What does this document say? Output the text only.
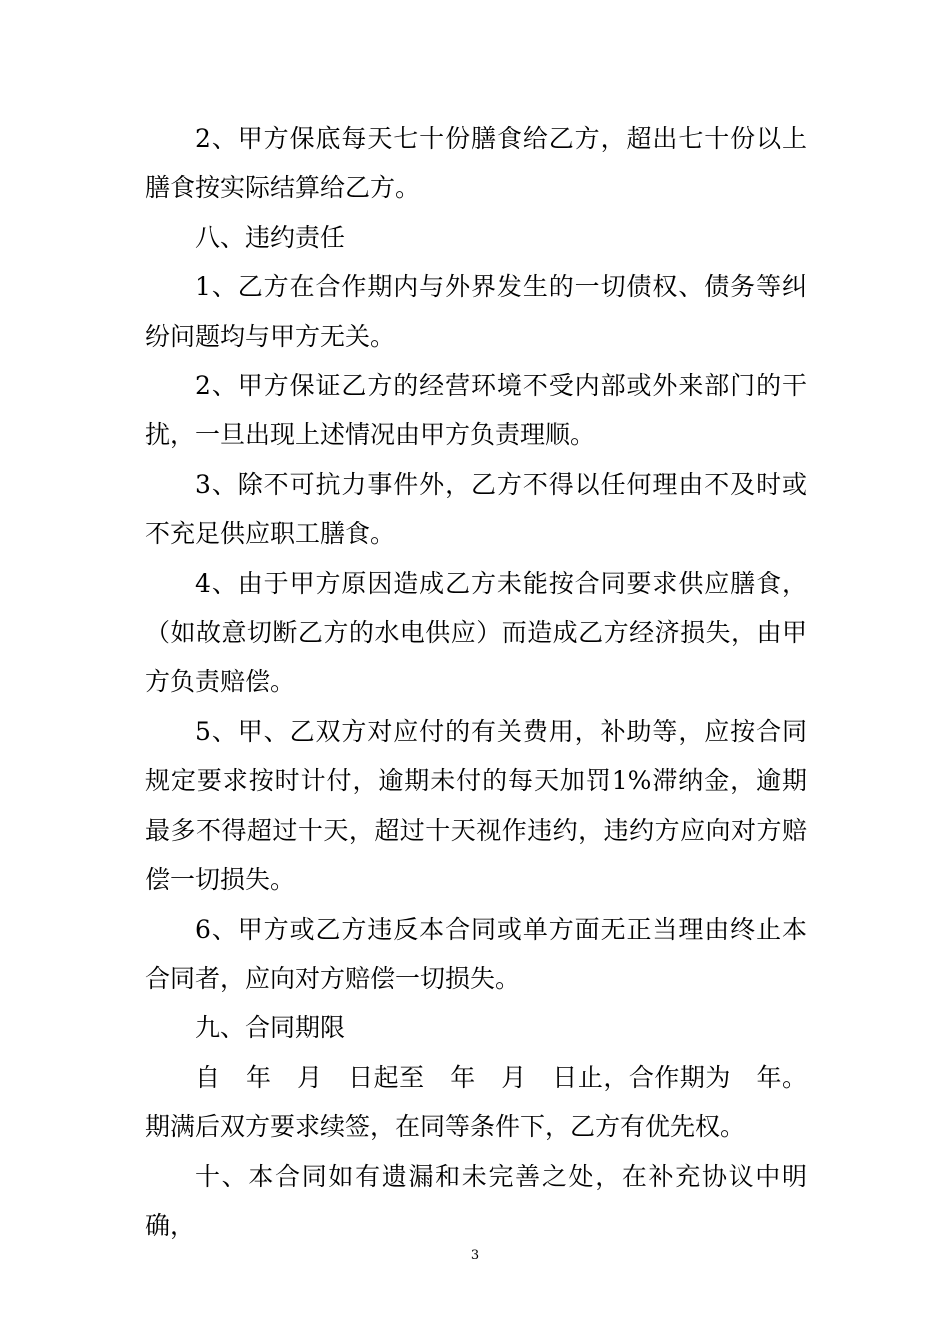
2、甲方保底每天七十份膳食给乙方，超出七十份以上膳食按实际结算给乙方。

八、违约责任

1、乙方在合作期内与外界发生的一切债权、债务等纠纷问题均与甲方无关。

2、甲方保证乙方的经营环境不受内部或外来部门的干扰，一旦出现上述情况由甲方负责理顺。

3、除不可抗力事件外，乙方不得以任何理由不及时或不充足供应职工膳食。

4、由于甲方原因造成乙方未能按合同要求供应膳食，（如故意切断乙方的水电供应）而造成乙方经济损失，由甲方负责赔偿。

5、甲、乙双方对应付的有关费用，补助等，应按合同规定要求按时计付，逾期未付的每天加罚1%滞纳金，逾期最多不得超过十天，超过十天视作违约，违约方应向对方赔偿一切损失。

6、甲方或乙方违反本合同或单方面无正当理由终止本合同者，应向对方赔偿一切损失。

九、合同期限

自　年　月　日起至　年　月　日止，合作期为　年。期满后双方要求续签，在同等条件下，乙方有优先权。

十、本合同如有遗漏和未完善之处，在补充协议中明确，

3
